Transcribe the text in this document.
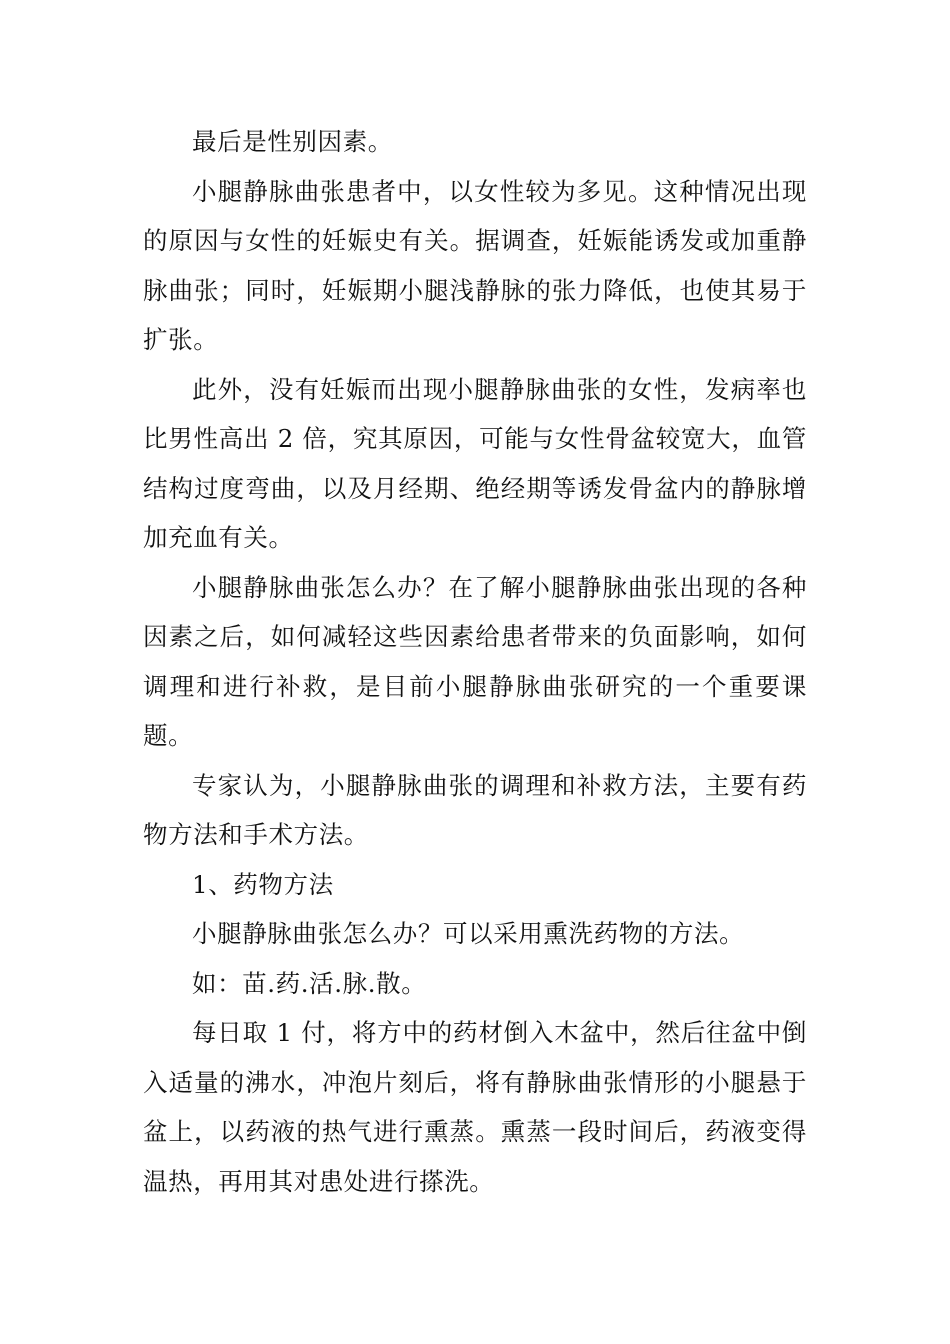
最后是性别因素。

小腿静脉曲张患者中，以女性较为多见。这种情况出现的原因与女性的妊娠史有关。据调查，妊娠能诱发或加重静脉曲张；同时，妊娠期小腿浅静脉的张力降低，也使其易于扩张。

此外，没有妊娠而出现小腿静脉曲张的女性，发病率也比男性高出 2 倍，究其原因，可能与女性骨盆较宽大，血管结构过度弯曲，以及月经期、绝经期等诱发骨盆内的静脉增加充血有关。

小腿静脉曲张怎么办？在了解小腿静脉曲张出现的各种因素之后，如何减轻这些因素给患者带来的负面影响，如何调理和进行补救，是目前小腿静脉曲张研究的一个重要课题。

专家认为，小腿静脉曲张的调理和补救方法，主要有药物方法和手术方法。

1、药物方法

小腿静脉曲张怎么办？可以采用熏洗药物的方法。

如：苗.药.活.脉.散。

每日取 1 付，将方中的药材倒入木盆中，然后往盆中倒入适量的沸水，冲泡片刻后，将有静脉曲张情形的小腿悬于盆上，以药液的热气进行熏蒸。熏蒸一段时间后，药液变得温热，再用其对患处进行搽洗。
